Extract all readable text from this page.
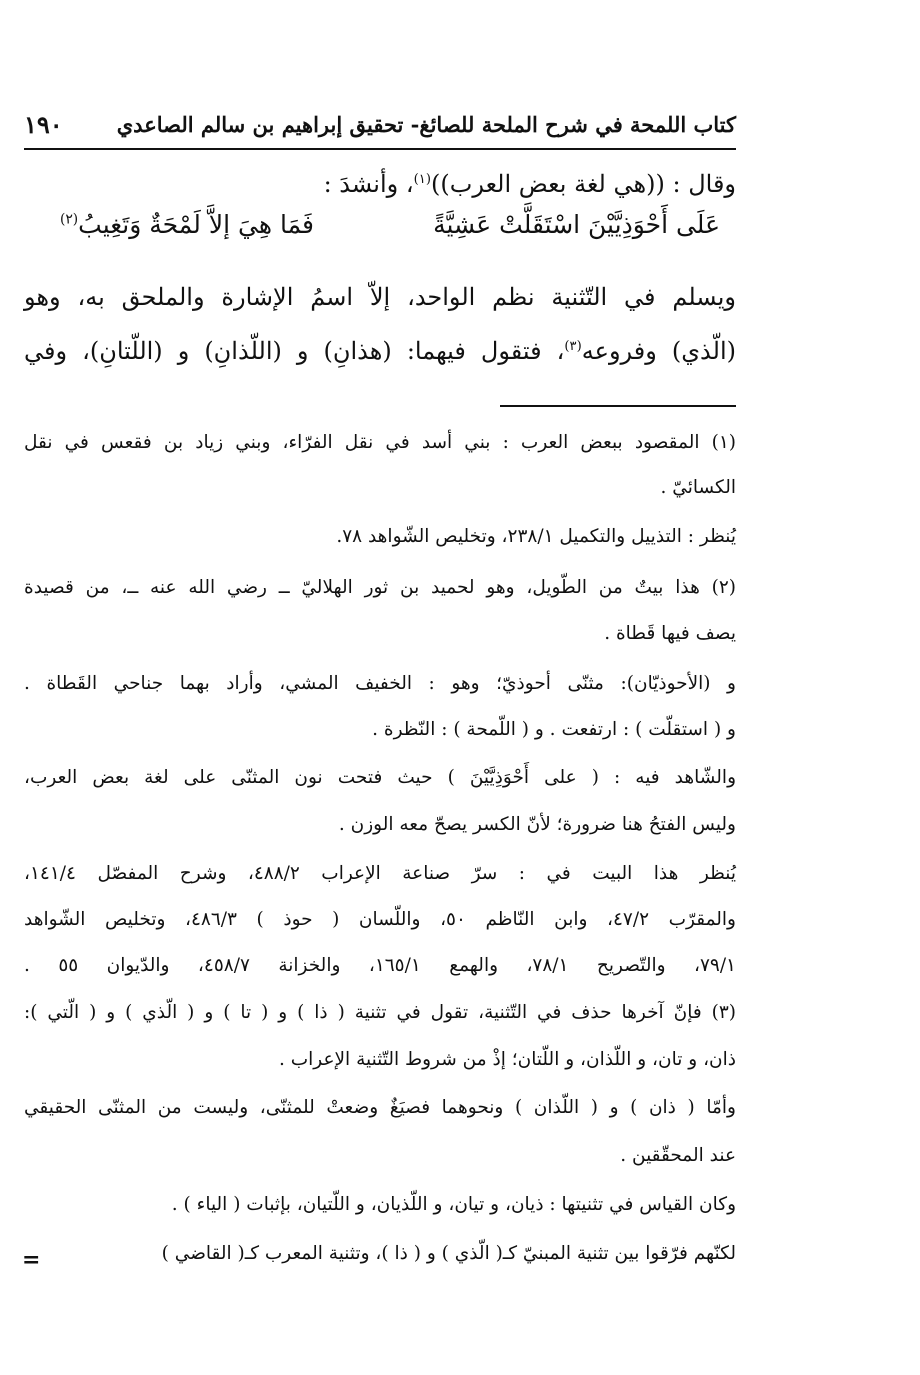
كتاب اللمحة في شرح الملحة للصائغ- تحقيق إبراهيم بن سالم الصاعدي
١٩٠
وقال : ((هي لغة بعض العرب))$^{(١)}$، وأنشدَ :
عَلَى أَحْوَذِيَّيْنَ اسْتَقَلَّتْ عَشِيَّةً
فَمَا هِيَ إلاَّ لَمْحَةٌ وَتَغِيبُ$^{(٢)}$
ويسلم في التّثنية نظم الواحد، إلاّ اسمُ الإشارة والملحق به، وهو
(الّذي) وفروعه$^{(٣)}$، فتقول فيهما: (هذانِ) و (اللّذانِ) و (اللّتانِ)، وفي
(١) المقصود ببعض العرب : بني أسد في نقل الفرّاء، وبني زياد بن فقعس في نقل
الكسائيّ .
يُنظر : التذييل والتكميل ٢٣٨/١، وتخليص الشّواهد ٧٨.
(٢) هذا بيتٌ من الطّويل، وهو لحميد بن ثور الهلاليّ ــ رضي الله عنه ــ، من قصيدة
يصف فيها قَطاة .
و (الأحوذيّان): مثنّى أحوذيّ؛ وهو : الخفيف المشي، وأراد بهما جناحي القَطاة .
و ( استقلّت ) : ارتفعت . و ( اللّمحة ) : النّظرة .
والشّاهد فيه : ( على أَحْوَذِيَّيْنَ ) حيث فتحت نون المثنّى على لغة بعض العرب،
وليس الفتحُ هنا ضرورة؛ لأنّ الكسر يصحّ معه الوزن .
يُنظر هذا البيت في : سرّ صناعة الإعراب ٤٨٨/٢، وشرح المفصّل ١٤١/٤،
والمقرّب ٤٧/٢، وابن النّاظم ٥٠، واللّسان ( حوذ ) ٤٨٦/٣، وتخليص الشّواهد
٧٩/١، والتّصريح ٧٨/١، والهمع ١٦٥/١، والخزانة ٤٥٨/٧، والدّيوان ٥٥ .
(٣) فإنّ آخرها حذف في التّثنية، تقول في تثنية ( ذا ) و ( تا ) و ( الّذي ) و ( الّتي ):
ذان، و تان، و اللّذان، و اللّتان؛ إذْ من شروط التّثنية الإعراب .
وأمّا ( ذان ) و ( اللّذان ) ونحوهما فصيَغٌ وضعتْ للمثنّى، وليست من المثنّى الحقيقي
عند المحقّقين .
وكان القياس في تثنيتها : ذيان، و تيان، و اللّذيان، و اللّتيان، بإثبات ( الياء ) .
لكنّهم فرّقوا بين تثنية المبنيّ كـ( الّذي ) و ( ذا )، وتثنية المعرب كـ( القاضي )
=
